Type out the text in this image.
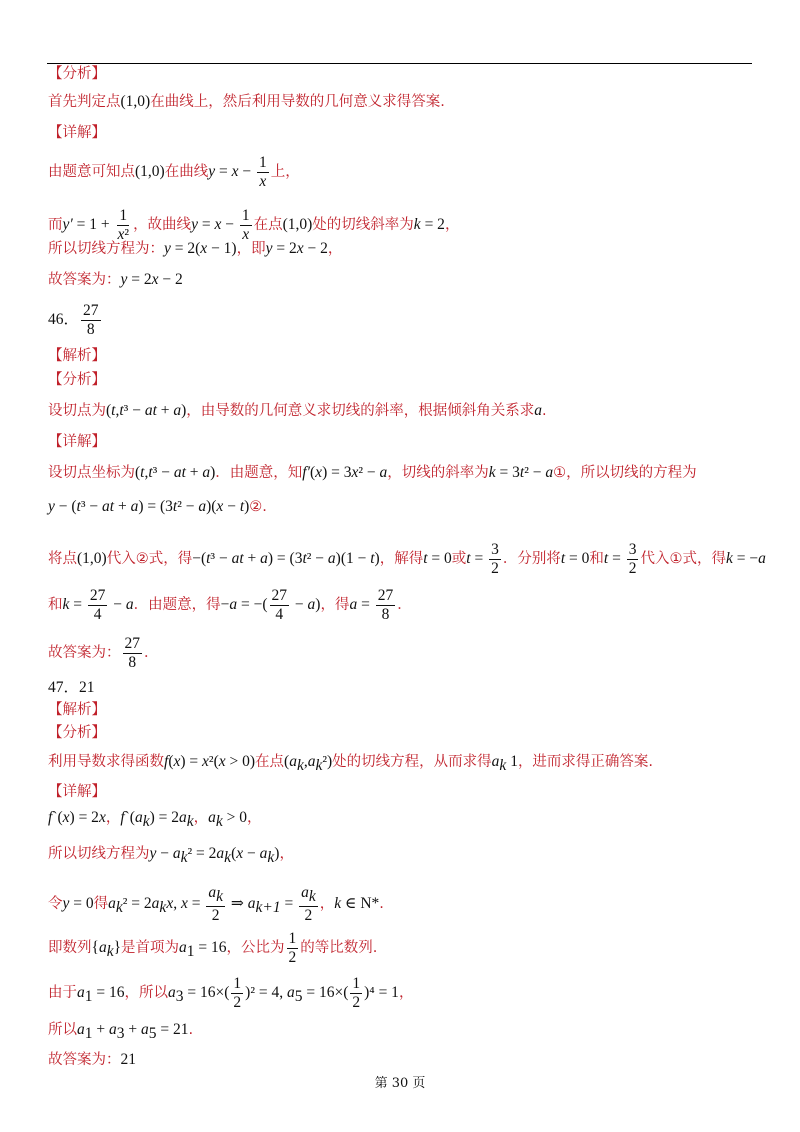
【分析】
首先判定点(1,0)在曲线上，然后利用导数的几何意义求得答案.
【详解】
由题意可知点(1,0)在曲线$y = x - \frac{1}{x}$ 上，
而$y' = 1 + \frac{1}{\text{x²}}$ ，故曲线$y = x - \frac{1}{x}$ 在点(1,0)处的切线斜率为k = 2，
所以切线方程为：y = 2(x − 1)，即y = 2x − 2，
故答案为：y = 2x − 2
46． $\frac{27}{8}$
【解析】
【分析】
设切点为(t,t³ − at + a)，由导数的几何意义求切线的斜率，根据倾斜角关系求a.
【详解】
设切点坐标为(t,t³ − at + a)．由题意，知f′(x) = 3x² − a，切线的斜率为k = 3t² − a①，所以切线的方程为
y − (t³ − at + a) = (3t² − a)(x − t)②.
将点(1,0)代入②式，得−(t³ − at + a) = (3t² − a)(1 − t)，解得t = 0或$t = \frac{3}{2}$ ．分别将t = 0和$t = \frac{3}{2}$ 代入①式，得k = −a
和$k = \frac{27}{4} - a$．由题意，得−a = −( $\frac{27}{4} - a$)，得$a = \frac{27}{8}$ ．
故答案为： $\frac{27}{8}$ ．
47．21
【解析】
【分析】
利用导数求得函数f(x) = x²(x > 0)在点$(a_k,a_k^2)$处的切线方程，从而求得$a_k$ 1，进而求得正确答案.
【详解】
f`(x) = 2x，$f`(a_k) = 2a_k$，$a_k > 0$，
所以切线方程为$y - a_k^2 = 2a_k(x - a_k)$，
令y = 0得$a_k^2 = 2a_kx$, $x = \frac{a_k}{2}$ ⇒ $a_{k+1} = \frac{a_k}{2}$ ，k ∈ N*.
即数列$\{a_k\}$是首项为$a_1 = 16$，公比为 $\frac{1}{2}$ 的等比数列.
由于$a_1 = 16$，所以$a_3 = 16\times( \frac{1}{2} )^2 = 4$, $a_5 = 16\times( \frac{1}{2} )^4 = 1$，
所以$a_1 + a_3 + a_5 = 21$.
故答案为：21
第 30 页
